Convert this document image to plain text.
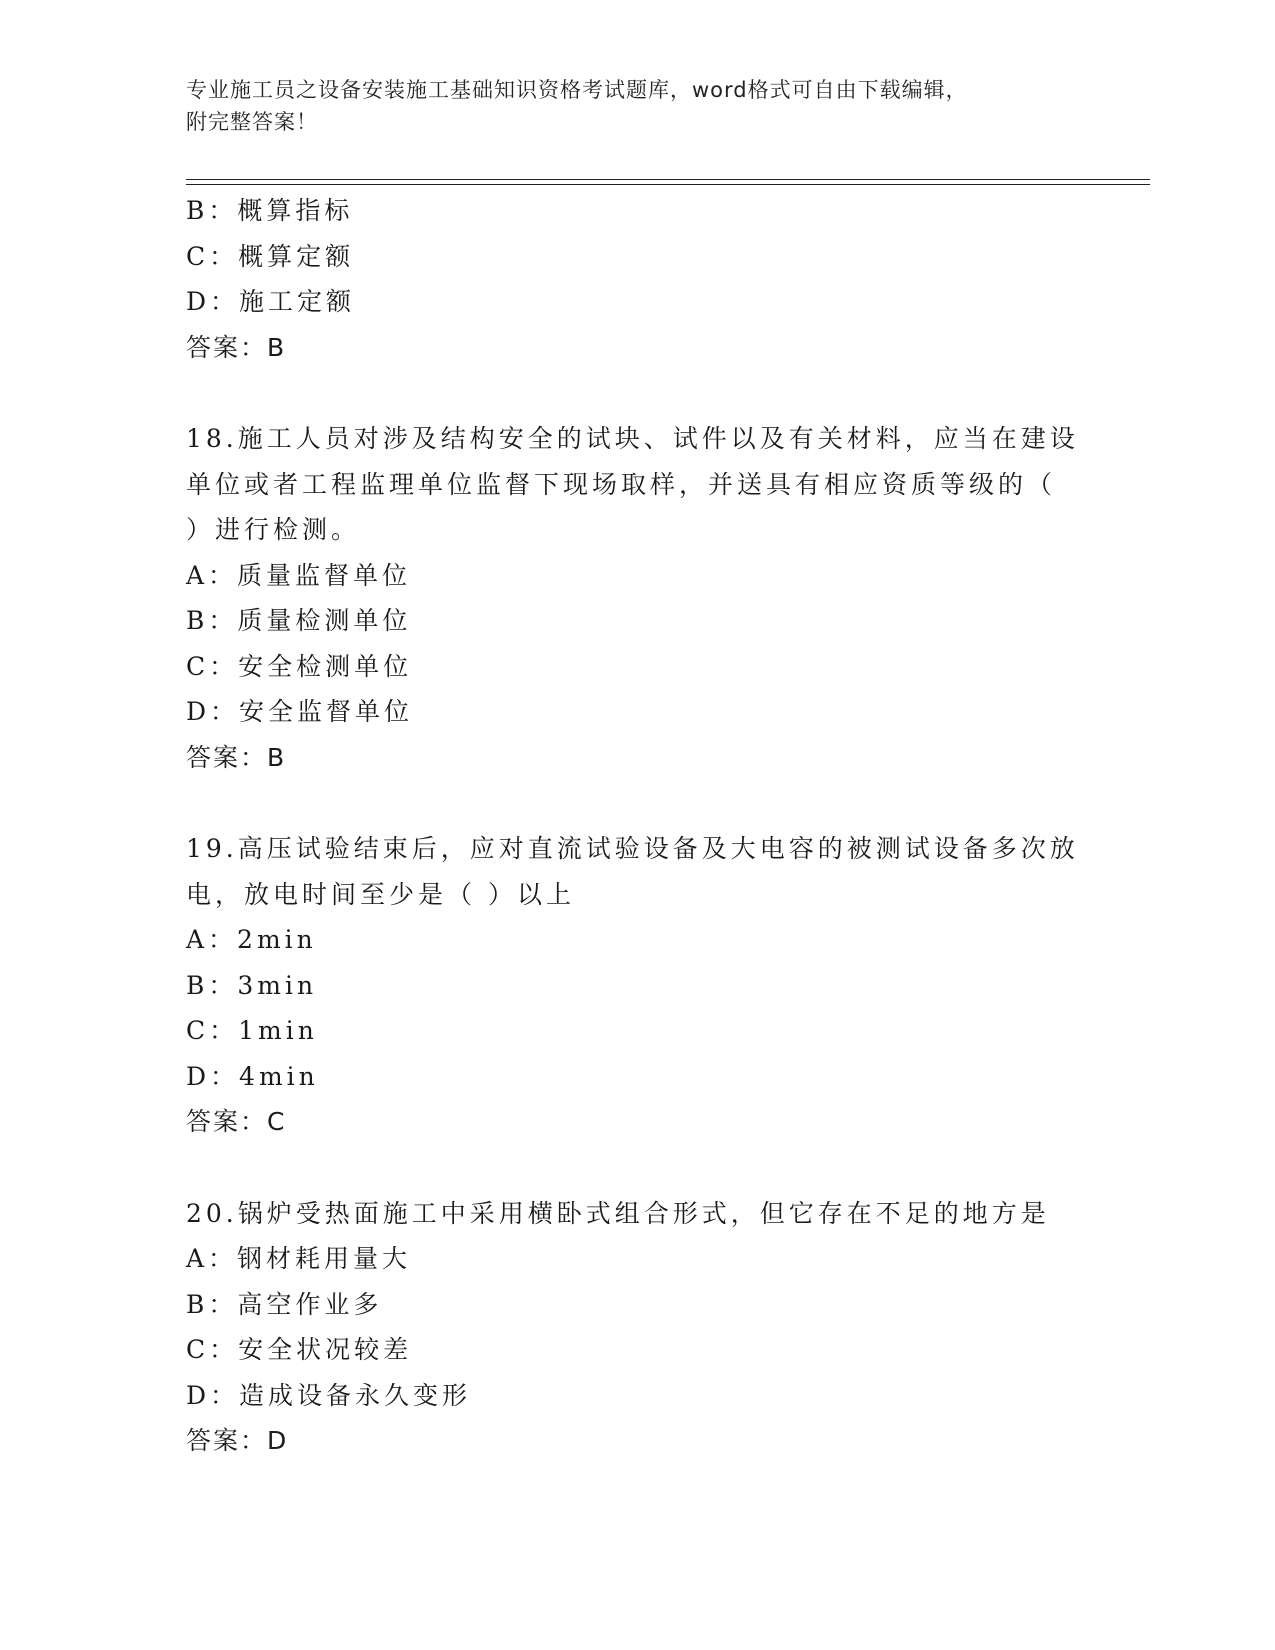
专业施工员之设备安装施工基础知识资格考试题库，word格式可自由下载编辑，
附完整答案！
B：概算指标
C：概算定额
D：施工定额
答案：B
18.施工人员对涉及结构安全的试块、试件以及有关材料，应当在建设
单位或者工程监理单位监督下现场取样，并送具有相应资质等级的（
）进行检测。
A：质量监督单位
B：质量检测单位
C：安全检测单位
D：安全监督单位
答案：B
19.高压试验结束后，应对直流试验设备及大电容的被测试设备多次放
电，放电时间至少是（ ）以上
A：2min
B：3min
C：1min
D：4min
答案：C
20.锅炉受热面施工中采用横卧式组合形式，但它存在不足的地方是
A：钢材耗用量大
B：高空作业多
C：安全状况较差
D：造成设备永久变形
答案：D
